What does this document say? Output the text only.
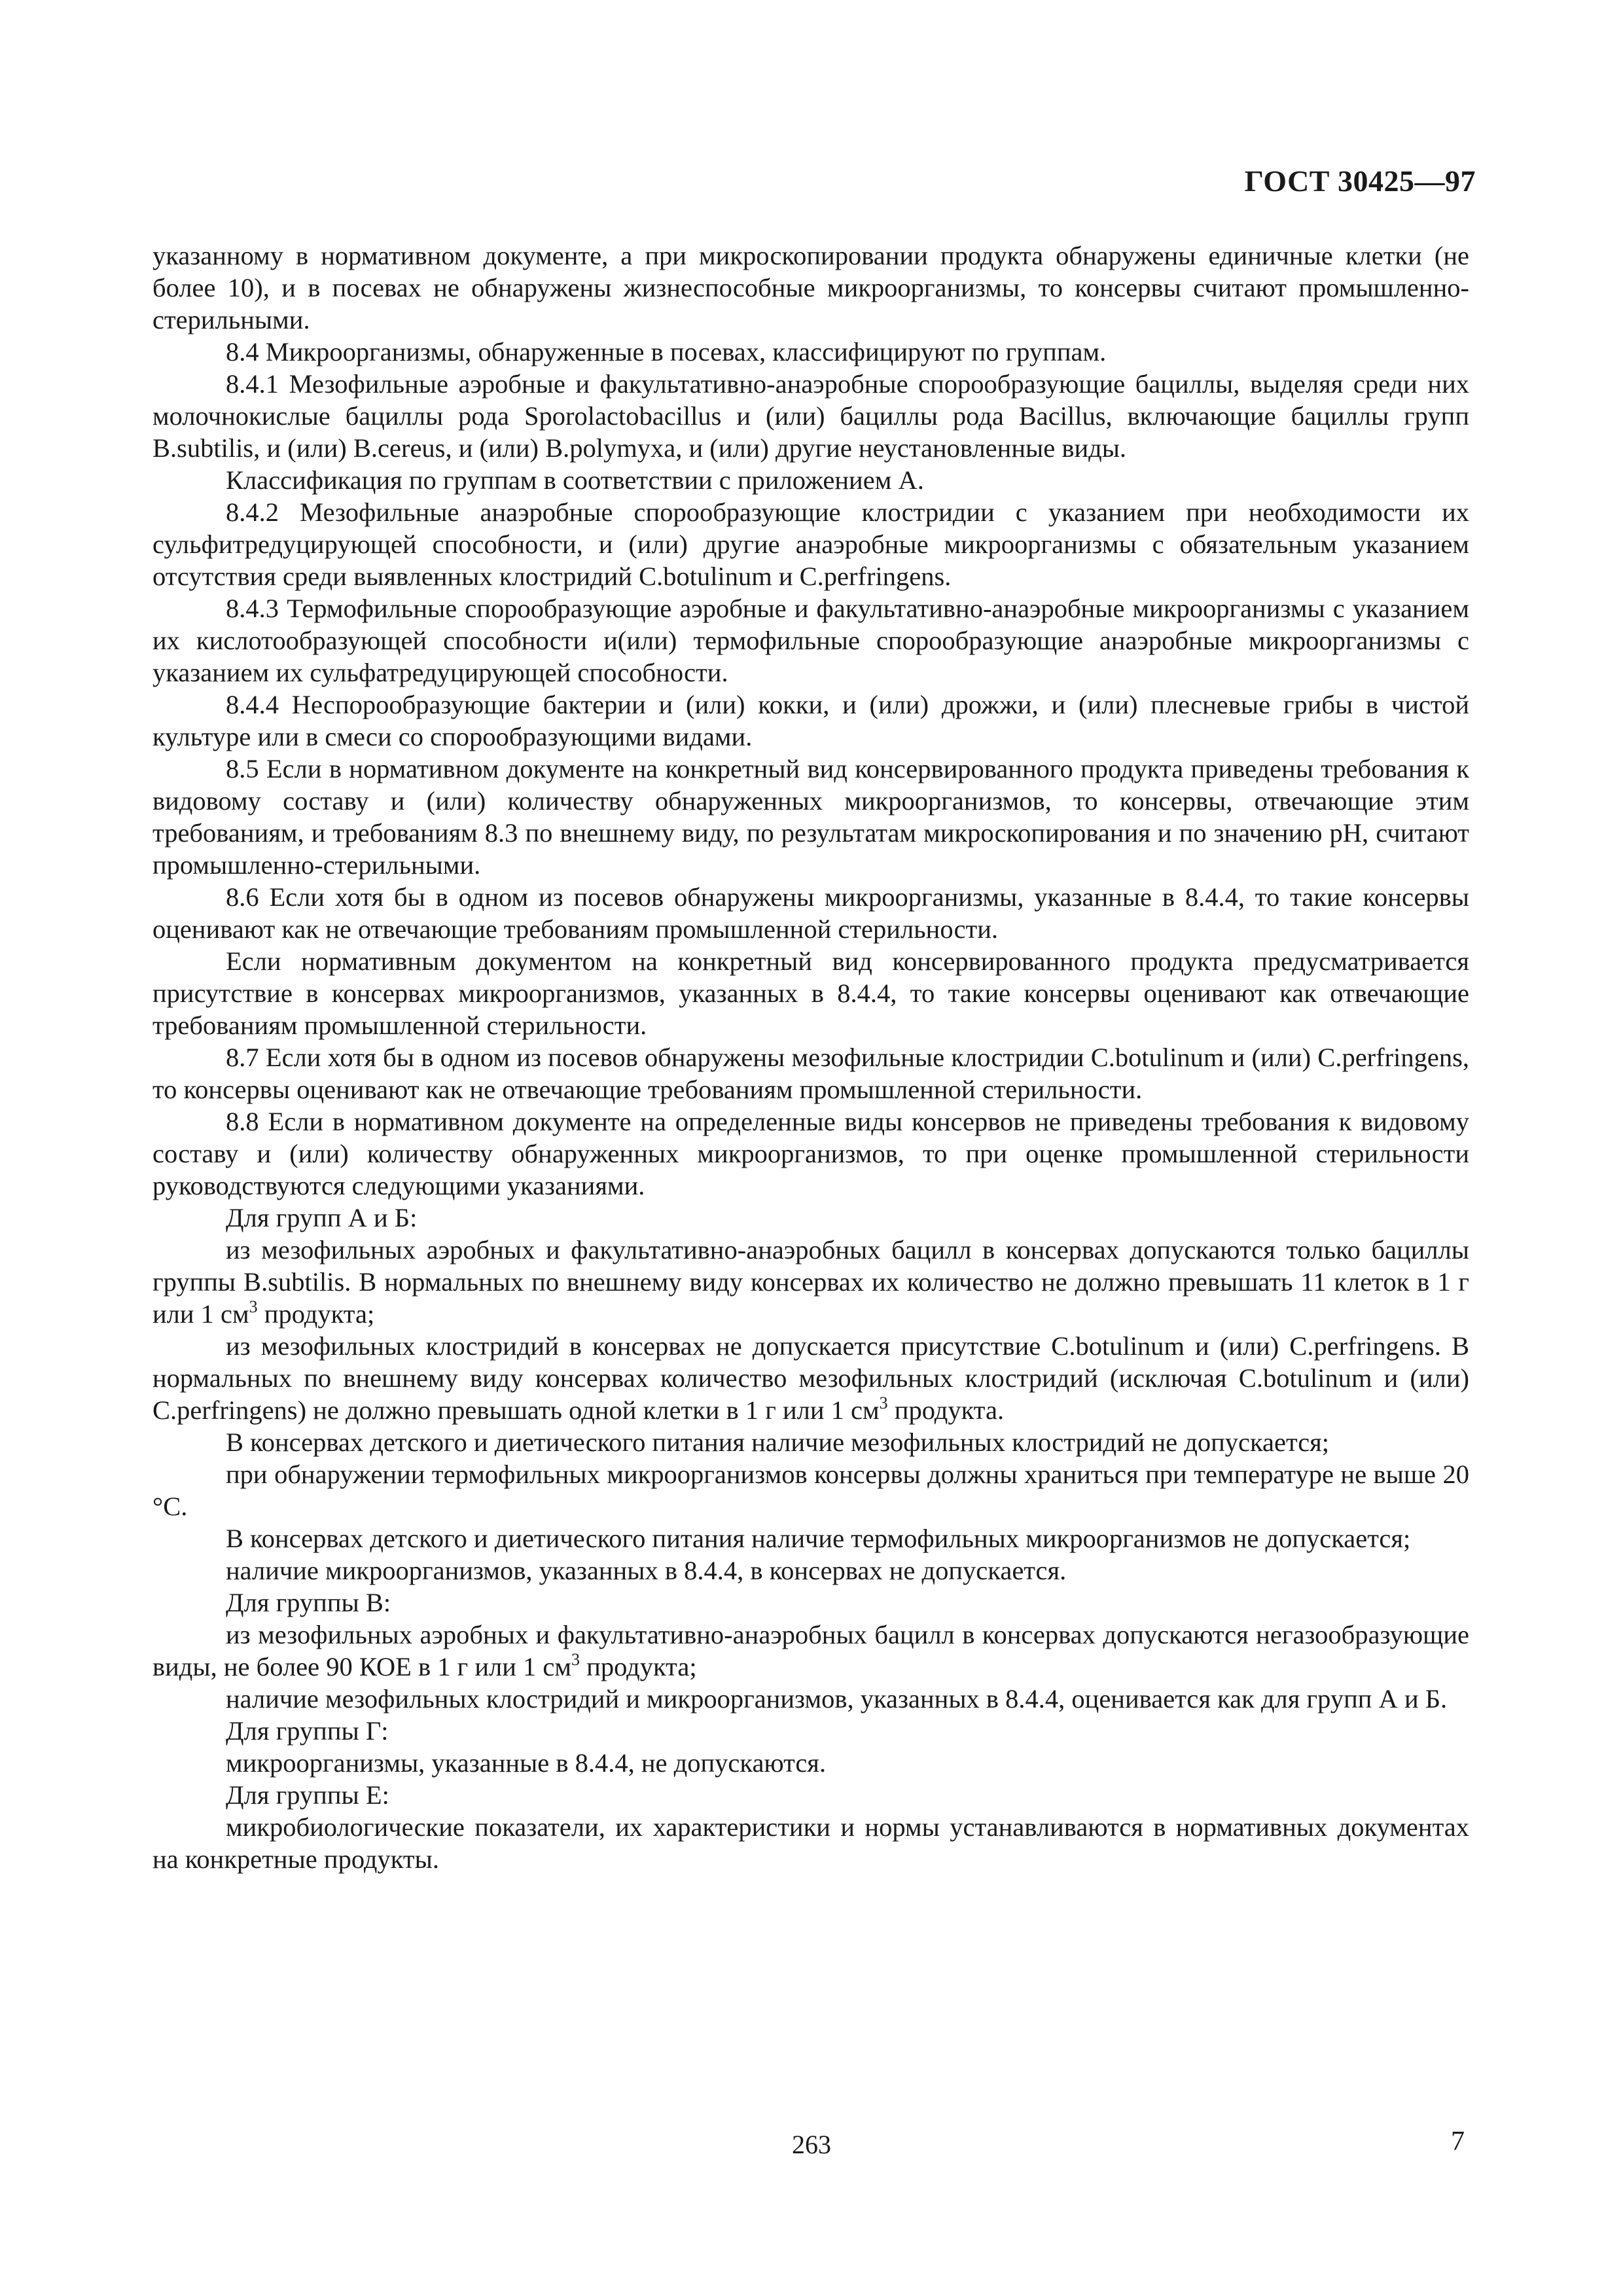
ГОСТ 30425—97

указанному в нормативном документе, а при микроскопировании продукта обнаружены единичные клетки (не более 10), и в посевах не обнаружены жизнеспособные микроорганизмы, то консервы считают промышленно-стерильными.

8.4 Микроорганизмы, обнаруженные в посевах, классифицируют по группам.

8.4.1 Мезофильные аэробные и факультативно-анаэробные спорообразующие бациллы, выделяя среди них молочнокислые бациллы рода Sporolactobacillus и (или) бациллы рода Bacillus, включающие бациллы групп B.subtilis, и (или) B.cereus, и (или) B.polymyxa, и (или) другие неустановленные виды.

Классификация по группам в соответствии с приложением А.

8.4.2 Мезофильные анаэробные спорообразующие клостридии с указанием при необходимости их сульфитредуцирующей способности, и (или) другие анаэробные микроорганизмы с обязательным указанием отсутствия среди выявленных клостридий C.botulinum и C.perfringens.

8.4.3 Термофильные спорообразующие аэробные и факультативно-анаэробные микроорганизмы с указанием их кислотообразующей способности и(или) термофильные спорообразующие анаэробные микроорганизмы с указанием их сульфатредуцирующей способности.

8.4.4 Неспорообразующие бактерии и (или) кокки, и (или) дрожжи, и (или) плесневые грибы в чистой культуре или в смеси со спорообразующими видами.

8.5 Если в нормативном документе на конкретный вид консервированного продукта приведены требования к видовому составу и (или) количеству обнаруженных микроорганизмов, то консервы, отвечающие этим требованиям, и требованиям 8.3 по внешнему виду, по результатам микроскопирования и по значению pH, считают промышленно-стерильными.

8.6 Если хотя бы в одном из посевов обнаружены микроорганизмы, указанные в 8.4.4, то такие консервы оценивают как не отвечающие требованиям промышленной стерильности.

Если нормативным документом на конкретный вид консервированного продукта предусматривается присутствие в консервах микроорганизмов, указанных в 8.4.4, то такие консервы оценивают как отвечающие требованиям промышленной стерильности.

8.7 Если хотя бы в одном из посевов обнаружены мезофильные клостридии C.botulinum и (или) C.perfringens, то консервы оценивают как не отвечающие требованиям промышленной стерильности.

8.8 Если в нормативном документе на определенные виды консервов не приведены требования к видовому составу и (или) количеству обнаруженных микроорганизмов, то при оценке промышленной стерильности руководствуются следующими указаниями.

Для групп А и Б:

из мезофильных аэробных и факультативно-анаэробных бацилл в консервах допускаются только бациллы группы B.subtilis. В нормальных по внешнему виду консервах их количество не должно превышать 11 клеток в 1 г или 1 $см^3$ продукта;

из мезофильных клостридий в консервах не допускается присутствие C.botulinum и (или) C.perfringens. В нормальных по внешнему виду консервах количество мезофильных клостридий (исключая C.botulinum и (или) C.perfringens) не должно превышать одной клетки в 1 г или 1 $см^3$ продукта.

В консервах детского и диетического питания наличие мезофильных клостридий не допускается;

при обнаружении термофильных микроорганизмов консервы должны храниться при температуре не выше 20 °С.

В консервах детского и диетического питания наличие термофильных микроорганизмов не допускается;

наличие микроорганизмов, указанных в 8.4.4, в консервах не допускается.

Для группы В:

из мезофильных аэробных и факультативно-анаэробных бацилл в консервах допускаются негазообразующие виды, не более 90 КОЕ в 1 г или 1 $см^3$ продукта;

наличие мезофильных клостридий и микроорганизмов, указанных в 8.4.4, оценивается как для групп А и Б.

Для группы Г:

микроорганизмы, указанные в 8.4.4, не допускаются.

Для группы Е:

микробиологические показатели, их характеристики и нормы устанавливаются в нормативных документах на конкретные продукты.

263	7
